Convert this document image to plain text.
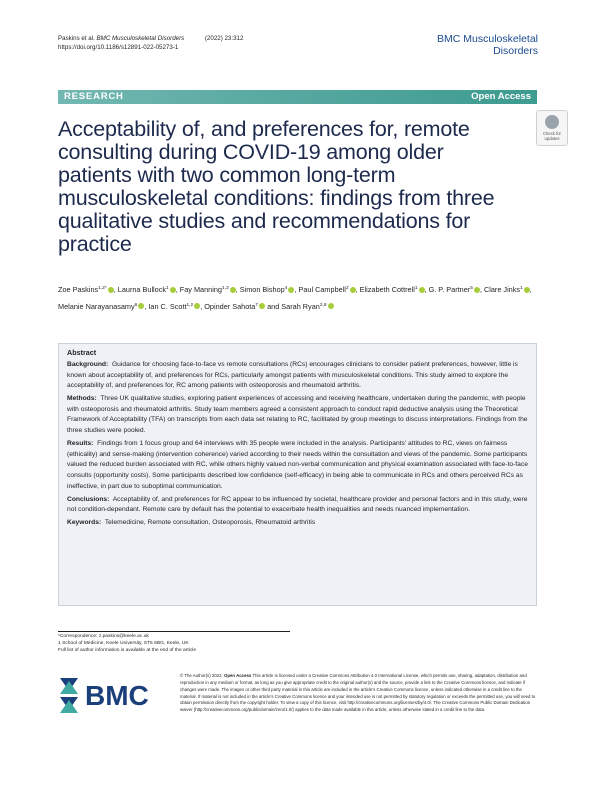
Paskins et al. BMC Musculoskeletal Disorders	(2022) 23:312
https://doi.org/10.1186/s12891-022-05273-1
BMC Musculoskeletal
Disorders
RESEARCH	Open Access
Acceptability of, and preferences for, remote consulting during COVID-19 among older patients with two common long-term musculoskeletal conditions: findings from three qualitative studies and recommendations for practice
Check for
updates
Zoe Paskins$^{1,2*}$ , Laurna Bullock$^1$ , Fay Manning$^{1,3}$ , Simon Bishop$^4$ , Paul Campbell$^2$ , Elizabeth Cottrell$^1$ , G. P. Partner$^5$ , Clare Jinks$^1$ , Melanie Narayanasamy$^6$ , Ian C. Scott$^{1,2}$ , Opinder Sahota$^7$ and Sarah Ryan$^{2,8}$
Abstract

Background: Guidance for choosing face-to-face vs remote consultations (RCs) encourages clinicians to consider patient preferences, however, little is known about acceptability of, and preferences for RCs, particularly amongst patients with musculoskeletal conditions. This study aimed to explore the acceptability of, and preferences for, RC among patients with osteoporosis and rheumatoid arthritis.

Methods: Three UK qualitative studies, exploring patient experiences of accessing and receiving healthcare, undertaken during the pandemic, with people with osteoporosis and rheumatoid arthritis. Study team members agreed a consistent approach to conduct rapid deductive analysis using the Theoretical Framework of Acceptability (TFA) on transcripts from each data set relating to RC, facilitated by group meetings to discuss interpretations. Findings from the three studies were pooled.

Results: Findings from 1 focus group and 64 interviews with 35 people were included in the analysis. Participants' attitudes to RC, views on fairness (ethicality) and sense-making (intervention coherence) varied according to their needs within the consultation and views of the pandemic. Some participants valued the reduced burden associated with RC, while others highly valued non-verbal communication and physical examination associated with face-to-face consults (opportunity costs). Some participants described low confidence (self-efficacy) in being able to communicate in RCs and others perceived RCs as ineffective, in part due to suboptimal communication.

Conclusions: Acceptability of, and preferences for RC appear to be influenced by societal, healthcare provider and personal factors and in this study, were not condition-dependant. Remote care by default has the potential to exacerbate health inequalities and needs nuanced implementation.

Keywords: Telemedicine, Remote consultation, Osteoporosis, Rheumatoid arthritis

*Correspondence: z.paskins@keele.ac.uk
1 School of Medicine, Keele University, ST5 5BG, Keele, UK
Full list of author information is available at the end of the article
BMC
© The Author(s) 2022. Open Access This article is licensed under a Creative Commons Attribution 4.0 International License, which permits use, sharing, adaptation, distribution and reproduction in any medium or format, as long as you give appropriate credit to the original author(s) and the source, provide a link to the Creative Commons licence, and indicate if changes were made. The images or other third party material in this article are included in the article's Creative Commons licence, unless indicated otherwise in a credit line to the material. If material is not included in the article's Creative Commons licence and your intended use is not permitted by statutory regulation or exceeds the permitted use, you will need to obtain permission directly from the copyright holder. To view a copy of this licence, visit http://creativecommons.org/licenses/by/4.0/. The Creative Commons Public Domain Dedication waiver (http://creativecommons.org/publicdomain/zero/1.0/) applies to the data made available in this article, unless otherwise stated in a credit line to the data.
